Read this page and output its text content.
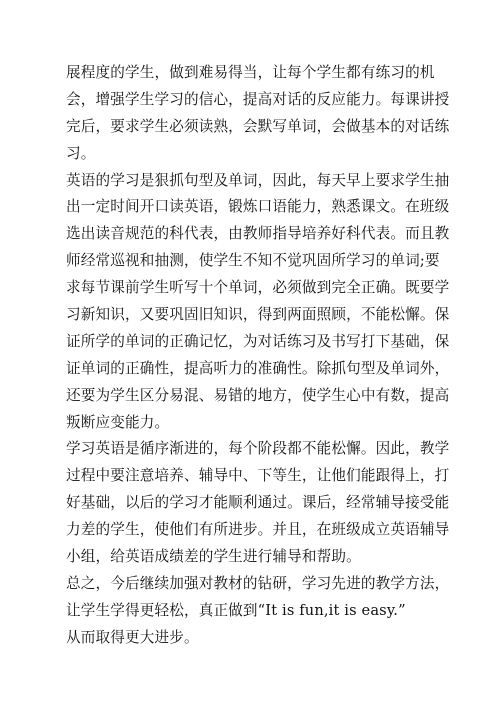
展程度的学生，做到难易得当，让每个学生都有练习的机
会，增强学生学习的信心，提高对话的反应能力。每课讲授
完后，要求学生必须读熟，会默写单词，会做基本的对话练
习。
英语的学习是狠抓句型及单词，因此，每天早上要求学生抽
出一定时间开口读英语，锻炼口语能力，熟悉课文。在班级
选出读音规范的科代表，由教师指导培养好科代表。而且教
师经常巡视和抽测，使学生不知不觉巩固所学习的单词;要
求每节课前学生听写十个单词，必须做到完全正确。既要学
习新知识，又要巩固旧知识，得到两面照顾，不能松懈。保
证所学的单词的正确记忆，为对话练习及书写打下基础，保
证单词的正确性，提高听力的准确性。除抓句型及单词外，
还要为学生区分易混、易错的地方，使学生心中有数，提高
叛断应变能力。
学习英语是循序渐进的，每个阶段都不能松懈。因此，教学
过程中要注意培养、辅导中、下等生，让他们能跟得上，打
好基础，以后的学习才能顺利通过。课后，经常辅导接受能
力差的学生，使他们有所进步。并且，在班级成立英语辅导
小组，给英语成绩差的学生进行辅导和帮助。
总之，今后继续加强对教材的钻研，学习先进的教学方法，
让学生学得更轻松，真正做到“It is fun,it is easy.”
从而取得更大进步。
